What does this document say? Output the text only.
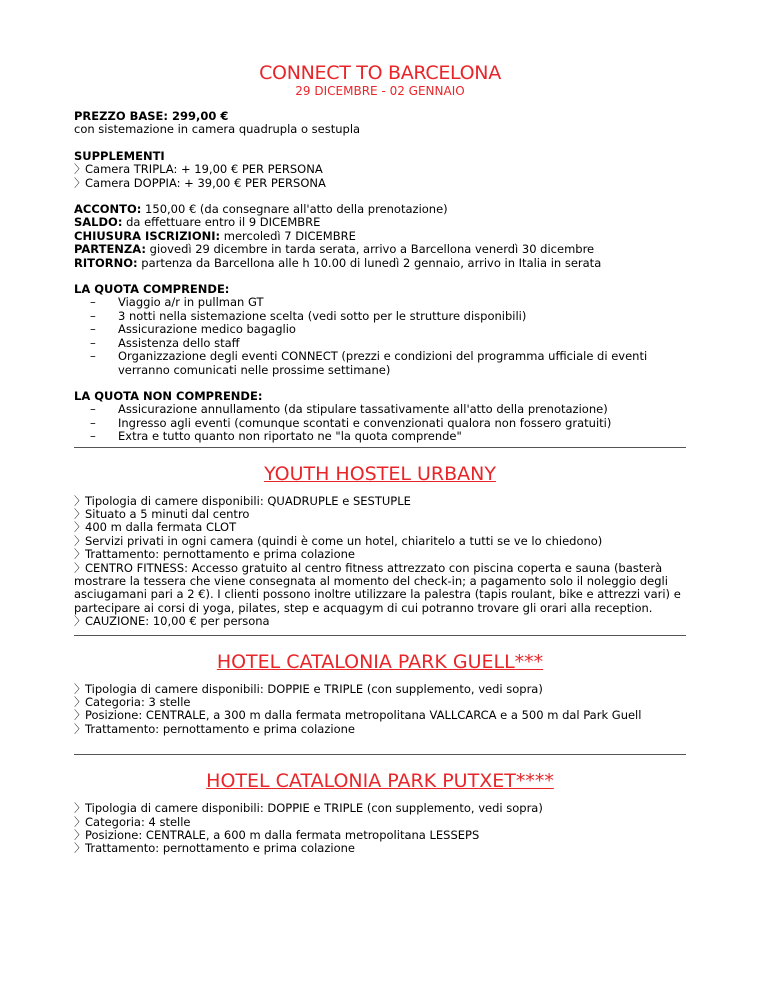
CONNECT TO BARCELONA
29 DICEMBRE - 02 GENNAIO
PREZZO BASE: 299,00 €
con sistemazione in camera quadrupla o sestupla
SUPPLEMENTI
〉Camera TRIPLA: + 19,00 € PER PERSONA
〉Camera DOPPIA: + 39,00 € PER PERSONA
ACCONTO: 150,00 € (da consegnare all'atto della prenotazione)
SALDO: da effettuare entro il 9 DICEMBRE
CHIUSURA ISCRIZIONI: mercoledì 7 DICEMBRE
PARTENZA: giovedì 29 dicembre in tarda serata, arrivo a Barcellona venerdì 30 dicembre
RITORNO: partenza da Barcellona alle h 10.00 di lunedì 2 gennaio, arrivo in Italia in serata
LA QUOTA COMPRENDE:
– Viaggio a/r in pullman GT
– 3 notti nella sistemazione scelta (vedi sotto per le strutture disponibili)
– Assicurazione medico bagaglio
– Assistenza dello staff
– Organizzazione degli eventi CONNECT (prezzi e condizioni del programma ufficiale di eventi verranno comunicati nelle prossime settimane)
LA QUOTA NON COMPRENDE:
– Assicurazione annullamento (da stipulare tassativamente all'atto della prenotazione)
– Ingresso agli eventi (comunque scontati e convenzionati qualora non fossero gratuiti)
– Extra e tutto quanto non riportato ne "la quota comprende"
YOUTH HOSTEL URBANY
〉Tipologia di camere disponibili: QUADRUPLE e SESTUPLE
〉Situato a 5 minuti dal centro
〉400 m dalla fermata CLOT
〉Servizi privati in ogni camera (quindi è come un hotel, chiaritelo a tutti se ve lo chiedono)
〉Trattamento: pernottamento e prima colazione
〉CENTRO FITNESS: Accesso gratuito al centro fitness attrezzato con piscina coperta e sauna (basterà mostrare la tessera che viene consegnata al momento del check-in; a pagamento solo il noleggio degli asciugamani pari a 2 €). I clienti possono inoltre utilizzare la palestra (tapis roulant, bike e attrezzi vari) e partecipare ai corsi di yoga, pilates, step e acquagym di cui potranno trovare gli orari alla reception.
〉CAUZIONE: 10,00 € per persona
HOTEL CATALONIA PARK GUELL***
〉Tipologia di camere disponibili: DOPPIE e TRIPLE (con supplemento, vedi sopra)
〉Categoria: 3 stelle
〉Posizione: CENTRALE, a 300 m dalla fermata metropolitana VALLCARCA e a 500 m dal Park Guell
〉Trattamento: pernottamento e prima colazione
HOTEL CATALONIA PARK PUTXET****
〉Tipologia di camere disponibili: DOPPIE e TRIPLE (con supplemento, vedi sopra)
〉Categoria: 4 stelle
〉Posizione: CENTRALE, a 600 m dalla fermata metropolitana LESSEPS
〉Trattamento: pernottamento e prima colazione
